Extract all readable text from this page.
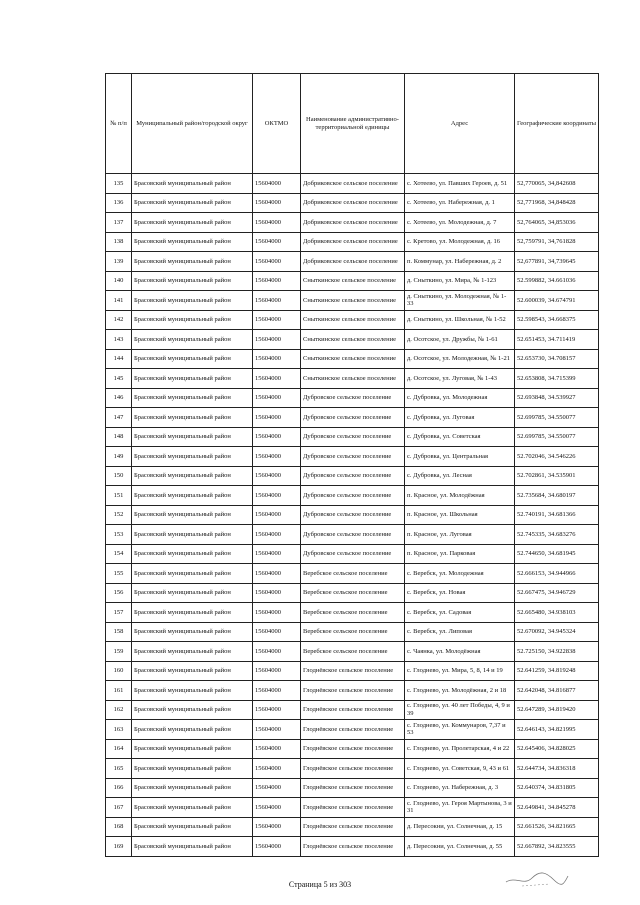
№ п/п	Муниципальный район/городской округ	ОКТМО	Наименование административно-территориальной единицы	Адрес	Географические координаты
135	Брасовский муниципальный район	15604000	Добриковское сельское поселение	с. Хотеево, ул. Павших Героев, д. 51	52,770065, 34,842608
136	Брасовский муниципальный район	15604000	Добриковское сельское поселение	с. Хотеево, ул. Набережная, д. 1	52,771968, 34,848428
137	Брасовский муниципальный район	15604000	Добриковское сельское поселение	с. Хотеево, ул. Молодежная, д. 7	52,764065, 34,853036
138	Брасовский муниципальный район	15604000	Добриковское сельское поселение	с. Кретово, ул. Молодежная, д. 16	52,759791, 34,761828
139	Брасовский муниципальный район	15604000	Добриковское сельское поселение	п. Коммунар, ул. Набережная, д. 2	52,677891, 34,739645
140	Брасовский муниципальный район	15604000	Сныткинское сельское поселение	д. Сныткино, ул. Мира, № 1-123	52.599882, 34.661036
141	Брасовский муниципальный район	15604000	Сныткинское сельское поселение	д. Сныткино, ул. Молодежная, № 1-33	52.600039, 34.674791
142	Брасовский муниципальный район	15604000	Сныткинское сельское поселение	д. Сныткино, ул. Школьная, № 1-52	52.598543, 34.668375
143	Брасовский муниципальный район	15604000	Сныткинское сельское поселение	д. Осотское, ул. Дружбы, № 1-61	52.651453, 34.711419
144	Брасовский муниципальный район	15604000	Сныткинское сельское поселение	д. Осотское, ул. Молодежная, № 1-21	52.653730, 34.708157
145	Брасовский муниципальный район	15604000	Сныткинское сельское поселение	д. Осотское, ул. Луговая, № 1-43	52.653808, 34.715399
146	Брасовский муниципальный район	15604000	Дубровское сельское поселение	с. Дубровка, ул. Молодежная	52.693848, 34.539927
147	Брасовский муниципальный район	15604000	Дубровское сельское поселение	с. Дубровка, ул. Луговая	52.699785, 34.550077
148	Брасовский муниципальный район	15604000	Дубровское сельское поселение	с. Дубровка, ул. Советская	52.699785, 34.550077
149	Брасовский муниципальный район	15604000	Дубровское сельское поселение	с. Дубровка, ул. Центральная	52.702046, 34.546226
150	Брасовский муниципальный район	15604000	Дубровское сельское поселение	с. Дубровка, ул. Лесная	52.702861, 34.535901
151	Брасовский муниципальный район	15604000	Дубровское сельское поселение	п. Красное, ул. Молодёжная	52.735684, 34.680197
152	Брасовский муниципальный район	15604000	Дубровское сельское поселение	п. Красное, ул. Школьная	52.740191, 34.681366
153	Брасовский муниципальный район	15604000	Дубровское сельское поселение	п. Красное, ул. Луговая	52.745335, 34.683276
154	Брасовский муниципальный район	15604000	Дубровское сельское поселение	п. Красное, ул. Парковая	52.744650, 34.681945
155	Брасовский муниципальный район	15604000	Веребское сельское поселение	с. Веребск, ул. Молодежная	52.666153, 34.944966
156	Брасовский муниципальный район	15604000	Веребское сельское поселение	с. Веребск, ул. Новая	52.667475, 34.946729
157	Брасовский муниципальный район	15604000	Веребское сельское поселение	с. Веребск, ул. Садовая	52.665480, 34.938103
158	Брасовский муниципальный район	15604000	Веребское сельское поселение	с. Веребск, ул. Липовая	52.670092, 34.945324
159	Брасовский муниципальный район	15604000	Веребское сельское поселение	с. Чаянка, ул. Молодёжная	52.725150, 34.922838
160	Брасовский муниципальный район	15604000	Глоднёвское сельское поселение	с. Глоднево, ул. Мира, 5, 8, 14 и 19	52.641259, 34.819248
161	Брасовский муниципальный район	15604000	Глоднёвское сельское поселение	с. Глоднево, ул. Молодёжная, 2 и 18	52.642048, 34.816877
162	Брасовский муниципальный район	15604000	Глоднёвское сельское поселение	с. Глоднево, ул. 40 лет Победы, 4, 9 и 39	52.647289, 34.819420
163	Брасовский муниципальный район	15604000	Глоднёвское сельское поселение	с. Глоднево, ул. Коммунаров, 7,37 и 53	52.646143, 34.821995
164	Брасовский муниципальный район	15604000	Глоднёвское сельское поселение	с. Глоднево, ул. Пролетарская, 4 и 22	52.645406, 34.828025
165	Брасовский муниципальный район	15604000	Глоднёвское сельское поселение	с. Глоднево, ул. Советская, 9, 43 и 61	52.644734, 34.836318
166	Брасовский муниципальный район	15604000	Глоднёвское сельское поселение	с. Глоднево, ул. Набережная, д. 3	52.640374, 34.831805
167	Брасовский муниципальный район	15604000	Глоднёвское сельское поселение	с. Глоднево, ул. Героя Мартынова, 3 и 31	52.649841, 34.845278
168	Брасовский муниципальный район	15604000	Глоднёвское сельское поселение	д. Пересокни, ул. Солнечная, д. 15	52.661526, 34.821665
169	Брасовский муниципальный район	15604000	Глоднёвское сельское поселение	д. Пересокни, ул. Солнечная, д. 55	52.667892, 34.823555
Страница 5 из 303
